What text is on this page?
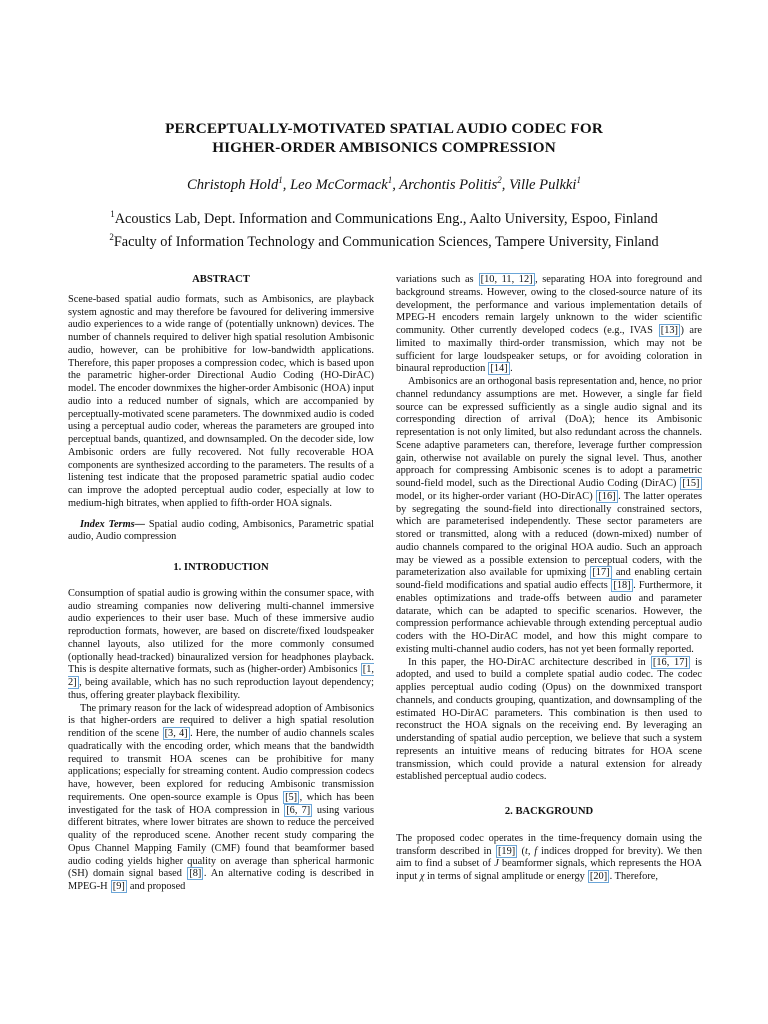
PERCEPTUALLY-MOTIVATED SPATIAL AUDIO CODEC FOR
HIGHER-ORDER AMBISONICS COMPRESSION
Christoph Hold$^1$, Leo McCormack$^1$, Archontis Politis$^2$, Ville Pulkki$^1$
$^1$Acoustics Lab, Dept. Information and Communications Eng., Aalto University, Espoo, Finland
$^2$Faculty of Information Technology and Communication Sciences, Tampere University, Finland
ABSTRACT

Scene-based spatial audio formats, such as Ambisonics, are playback system agnostic and may therefore be favoured for delivering immersive audio experiences to a wide range of (potentially unknown) devices. The number of channels required to deliver high spatial resolution Ambisonic audio, however, can be prohibitive for low-bandwidth applications. Therefore, this paper proposes a compression codec, which is based upon the parametric higher-order Directional Audio Coding (HO-DirAC) model. The encoder downmixes the higher-order Ambisonic (HOA) input audio into a reduced number of signals, which are accompanied by perceptually-motivated scene parameters. The downmixed audio is coded using a perceptual audio coder, whereas the parameters are grouped into perceptual bands, quantized, and downsampled. On the decoder side, low Ambisonic orders are fully recovered. Not fully recoverable HOA components are synthesized according to the parameters. The results of a listening test indicate that the proposed parametric spatial audio codec can improve the adopted perceptual audio coder, especially at low to medium-high bitrates, when applied to fifth-order HOA signals.

Index Terms— Spatial audio coding, Ambisonics, Parametric spatial audio, Audio compression

1. INTRODUCTION

Consumption of spatial audio is growing within the consumer space, with audio streaming companies now delivering multi-channel immersive audio experiences to their user base. Much of these immersive audio reproduction formats, however, are based on discrete/fixed loudspeaker channel layouts, also utilized for the more commonly consumed (optionally head-tracked) binauralized version for headphones playback. This is despite alternative formats, such as (higher-order) Ambisonics [1, 2] , being available, which has no such reproduction layout dependency; thus, offering greater playback flexibility.

The primary reason for the lack of widespread adoption of Ambisonics is that higher-orders are required to deliver a high spatial resolution rendition of the scene [3, 4] . Here, the number of audio channels scales quadratically with the encoding order, which means that the bandwidth required to transmit HOA scenes can be prohibitive for many applications; especially for streaming content. Audio compression codecs have, however, been explored for reducing Ambisonic transmission requirements. One open-source example is Opus [5] , which has been investigated for the task of HOA compression in [6, 7] using various different bitrates, where lower bitrates are shown to reduce the perceived quality of the reproduced scene. Another recent study comparing the Opus Channel Mapping Family (CMF) found that beamformer based audio coding yields higher quality on average than spherical harmonic (SH) domain signal based [8] . An alternative coding is described in MPEG-H [9] and proposed

variations such as [10, 11, 12] , separating HOA into foreground and background streams. However, owing to the closed-source nature of its development, the performance and various implementation details of MPEG-H encoders remain largely unknown to the wider scientific community. Other currently developed codecs (e.g., IVAS [13] ) are limited to maximally third-order transmission, which may not be sufficient for large loudspeaker setups, or for avoiding coloration in binaural reproduction [14] .

Ambisonics are an orthogonal basis representation and, hence, no prior channel redundancy assumptions are met. However, a single far field source can be expressed sufficiently as a single audio signal and its corresponding direction of arrival (DoA); hence its Ambisonic representation is not only limited, but also redundant across the channels. Scene adaptive parameters can, therefore, leverage further compression gain, otherwise not available on purely the signal level. Thus, another approach for compressing Ambisonic scenes is to adopt a parametric sound-field model, such as the Directional Audio Coding (DirAC) [15] model, or its higher-order variant (HO-DirAC) [16] . The latter operates by segregating the sound-field into directionally constrained sectors, which are parameterised independently. These sector parameters are stored or transmitted, along with a reduced (down-mixed) number of audio channels compared to the original HOA audio. Such an approach may be viewed as a possible extension to perceptual coders, with the parameterization also available for upmixing [17] and enabling certain sound-field modifications and spatial audio effects [18] . Furthermore, it enables optimizations and trade-offs between audio and parameter datarate, which can be adapted to specific scenarios. However, the compression performance achievable through extending perceptual audio coders with the HO-DirAC model, and how this might compare to existing multi-channel audio coders, has not yet been formally reported.

In this paper, the HO-DirAC architecture described in [16, 17] is adopted, and used to build a complete spatial audio codec. The codec applies perceptual audio coding (Opus) on the downmixed transport channels, and conducts grouping, quantization, and downsampling of the estimated HO-DirAC parameters. This combination is then used to reconstruct the HOA signals on the receiving end. By leveraging an understanding of spatial audio perception, we believe that such a system represents an intuitive means of reducing bitrates for HOA scene transmission, which could provide a natural extension for already established perceptual audio codecs.

2. BACKGROUND

The proposed codec operates in the time-frequency domain using the transform described in [19] (t, f indices dropped for brevity). We then aim to find a subset of J beamformer signals, which represents the HOA input χ in terms of signal amplitude or energy [20] . Therefore,
